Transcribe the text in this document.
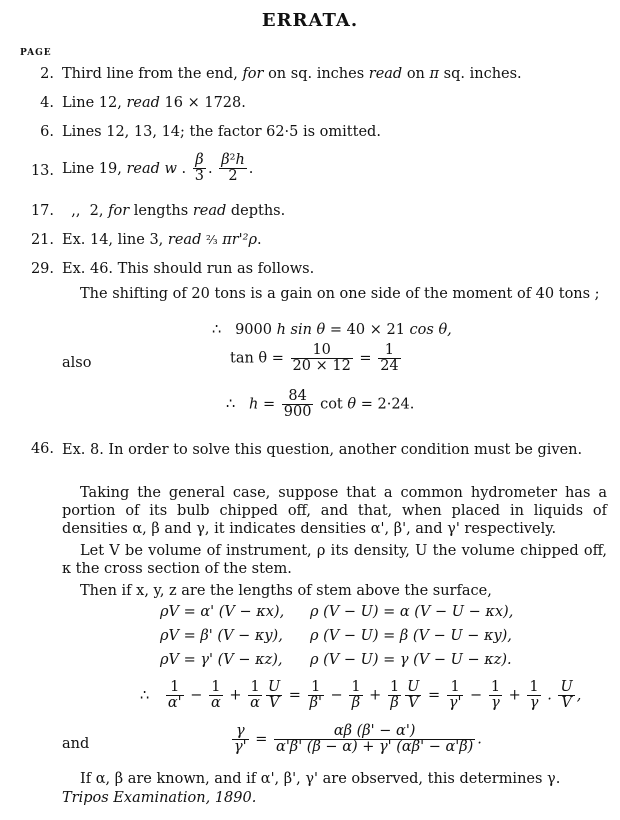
ERRATA.
PAGE
2. Third line from the end, for on sq. inches read on π sq. inches.
4. Line 12, read 16 × 1728.
6. Lines 12, 13, 14; the factor 62·5 is omitted.
13. Line 19, read w . $\frac{\beta}{3}$ . $\frac{\text{β²h}}{2}$ .
17. ,,  2, for lengths read depths.
21. Ex. 14, line 3, read ⅔ πr'²ρ.
29. Ex. 46. This should run as follows.
The shifting of 20 tons is a gain on one side of the moment of 40 tons ;
∴ 9000 h sin θ = 40 × 21 cos θ,
also	$\tan \theta = \frac{10}{20 \times 12} = \frac{1}{24}$
∴   $h = \frac{84}{900}$ cot θ = 2·24.
46. Ex. 8. In order to solve this question, another condition must be given.
Taking the general case, suppose that a common hydrometer has a portion of its bulb chipped off, and that, when placed in liquids of densities α, β and γ, it indicates densities α', β', and γ' respectively.
Let V be volume of instrument, ρ its density, U the volume chipped off, κ the cross section of the stem.
Then if x, y, z are the lengths of stem above the surface,
ρV = α' (V − κx), ρ (V − U) = α (V − U − κx),
ρV = β' (V − κy), ρ (V − U) = β (V − U − κy),
ρV = γ' (V − κz), ρ (V − U) = γ (V − U − κz).
∴ $\frac{1}{\alpha'} - \frac{1}{\alpha} + \frac{1}{\alpha} \frac{U}{V} = \frac{1}{\beta'} - \frac{1}{\beta} + \frac{1}{\beta} \frac{U}{V} = \frac{1}{\gamma'} - \frac{1}{\gamma} + \frac{1}{\gamma}$ . $\frac{U}{V}$ ,
and	$\frac{\gamma}{\gamma'} = \frac{\alpha\beta (\beta' - \alpha')}{\alpha'\beta' (\beta - \alpha) + \gamma' (\alpha\beta' - \alpha'\beta)}$ .
If α, β are known, and if α', β', γ' are observed, this determines γ.
Tripos Examination, 1890.
